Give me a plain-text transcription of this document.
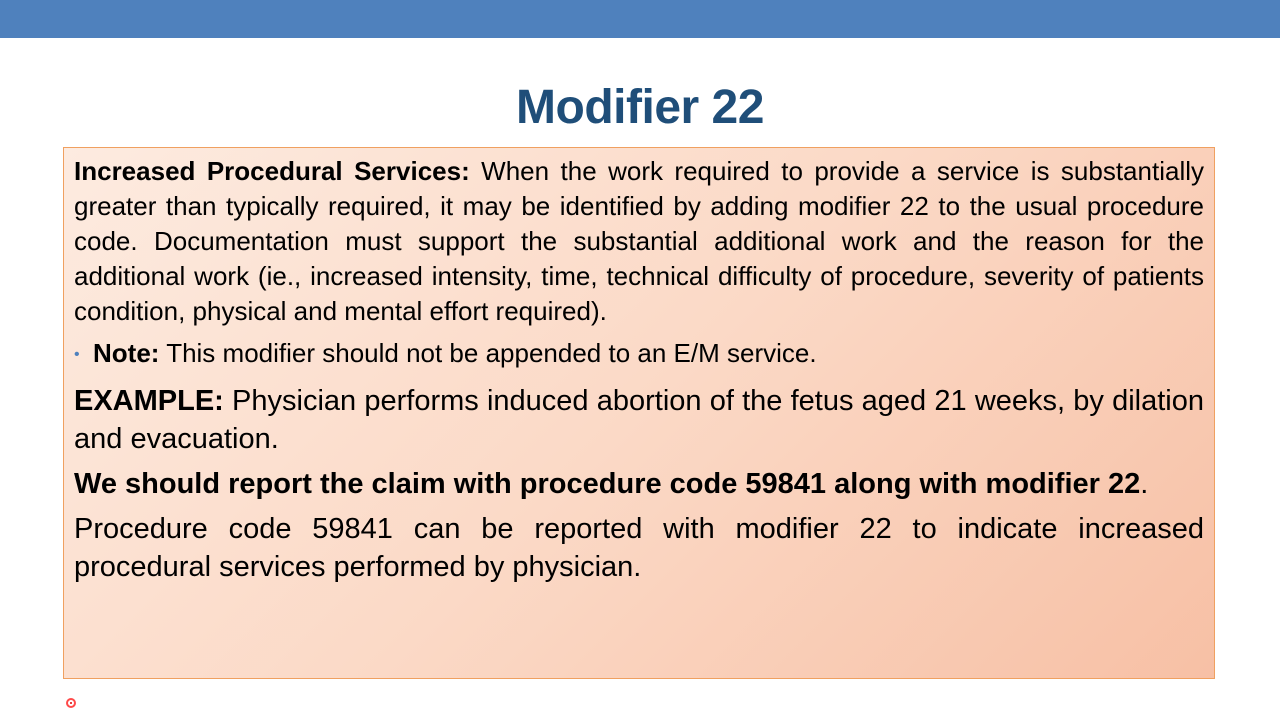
Modifier 22

Increased Procedural Services: When the work required to provide a service is substantially greater than typically required, it may be identified by adding modifier 22 to the usual procedure code. Documentation must support the substantial additional work and the reason for the additional work (ie., increased intensity, time, technical difficulty of procedure, severity of patients condition, physical and mental effort required).

• Note: This modifier should not be appended to an E/M service.

EXAMPLE: Physician performs induced abortion of the fetus aged 21 weeks, by dilation and evacuation.

We should report the claim with procedure code 59841 along with modifier 22.

Procedure code 59841 can be reported with modifier 22 to indicate increased procedural services performed by physician.
